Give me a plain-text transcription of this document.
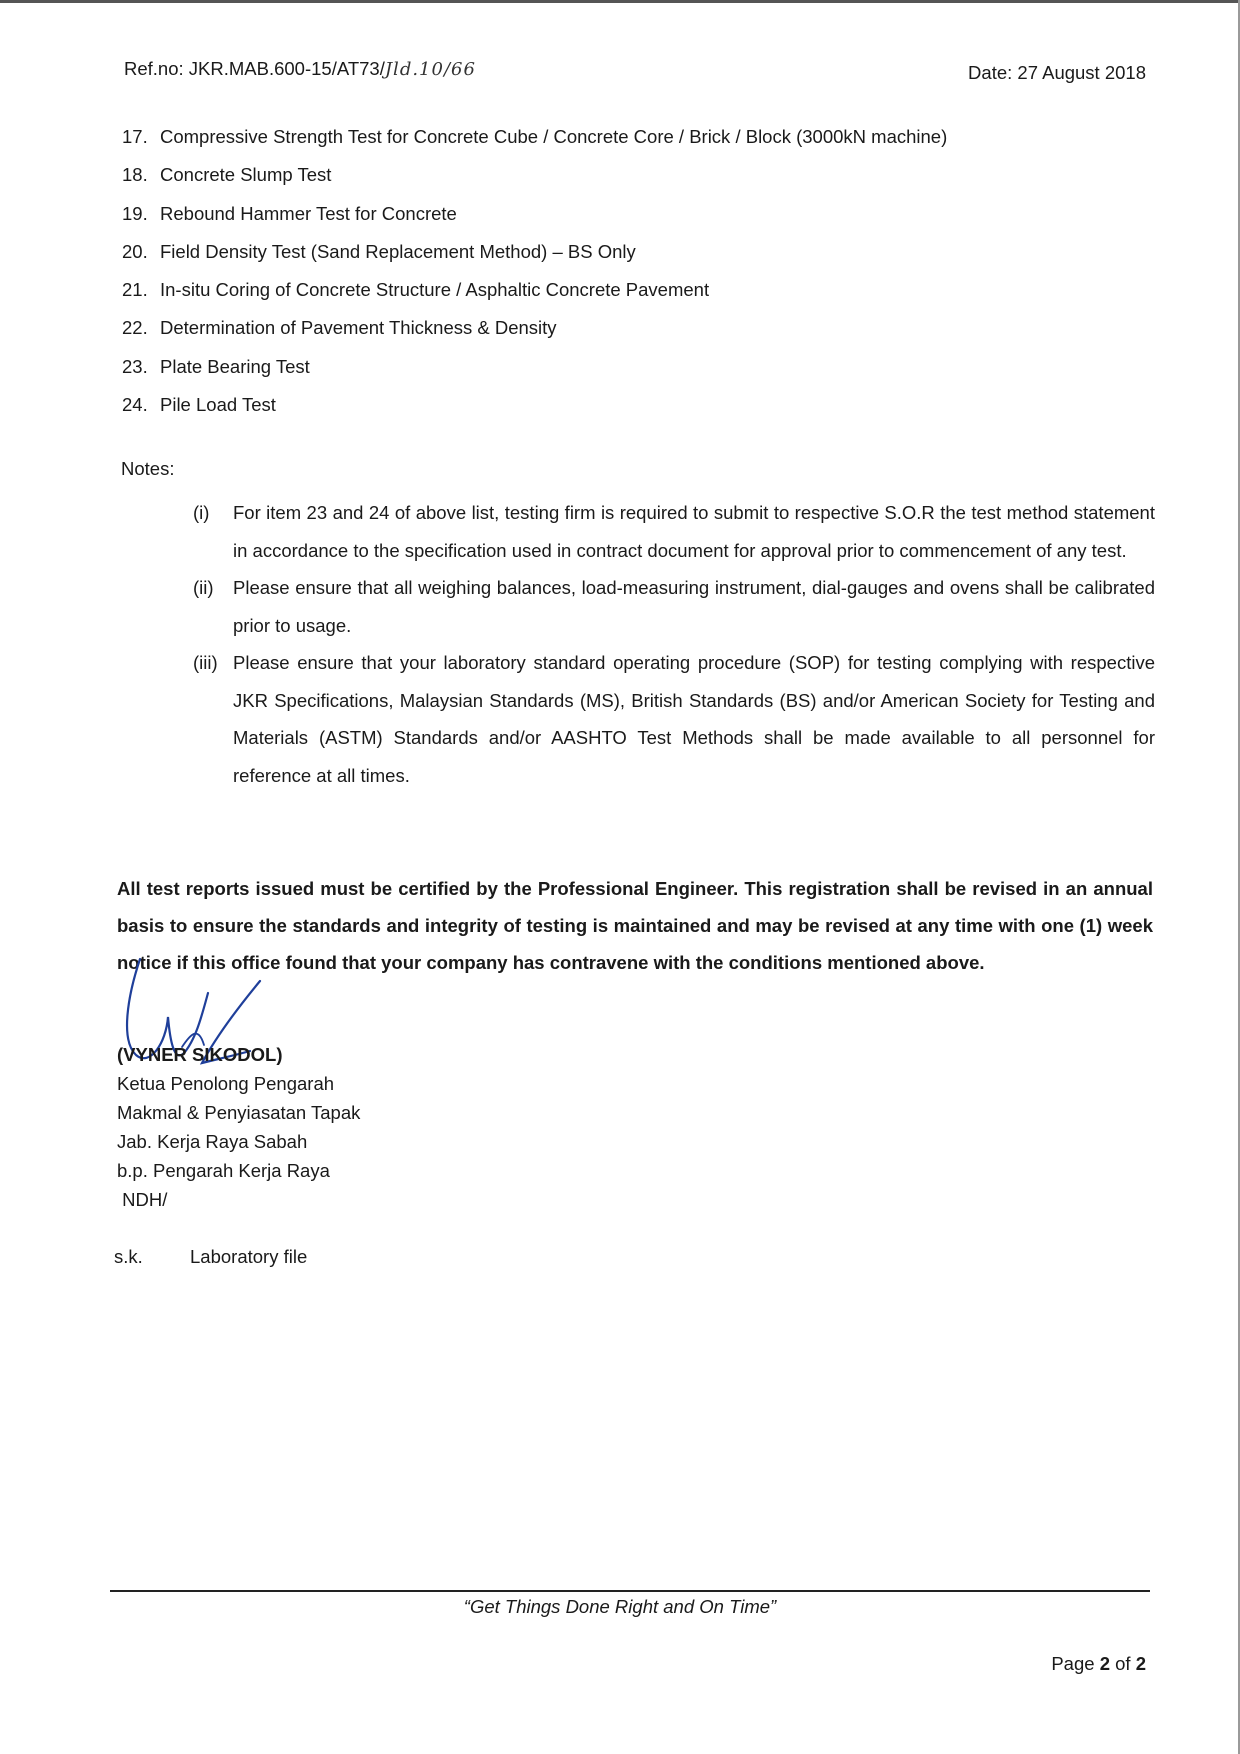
Ref.no: JKR.MAB.600-15/AT73/Jld.10/66	Date: 27 August 2018
17. Compressive Strength Test for Concrete Cube / Concrete Core / Brick / Block (3000kN machine)
18. Concrete Slump Test
19. Rebound Hammer Test for Concrete
20. Field Density Test (Sand Replacement Method) – BS Only
21. In-situ Coring of Concrete Structure / Asphaltic Concrete Pavement
22. Determination of Pavement Thickness & Density
23. Plate Bearing Test
24. Pile Load Test
Notes:
(i)	For item 23 and 24 of above list, testing firm is required to submit to respective S.O.R the test method statement in accordance to the specification used in contract document for approval prior to commencement of any test.
(ii)	Please ensure that all weighing balances, load-measuring instrument, dial-gauges and ovens shall be calibrated prior to usage.
(iii) Please ensure that your laboratory standard operating procedure (SOP) for testing complying with respective JKR Specifications, Malaysian Standards (MS), British Standards (BS) and/or American Society for Testing and Materials (ASTM) Standards and/or AASHTO Test Methods shall be made available to all personnel for reference at all times.
All test reports issued must be certified by the Professional Engineer. This registration shall be revised in an annual basis to ensure the standards and integrity of testing is maintained and may be revised at any time with one (1) week notice if this office found that your company has contravene with the conditions mentioned above.
(VYNER SIKODOL)
Ketua Penolong Pengarah
Makmal & Penyiasatan Tapak
Jab. Kerja Raya Sabah
b.p. Pengarah Kerja Raya
NDH/
s.k.	Laboratory file
“Get Things Done Right and On Time”
Page 2 of 2
